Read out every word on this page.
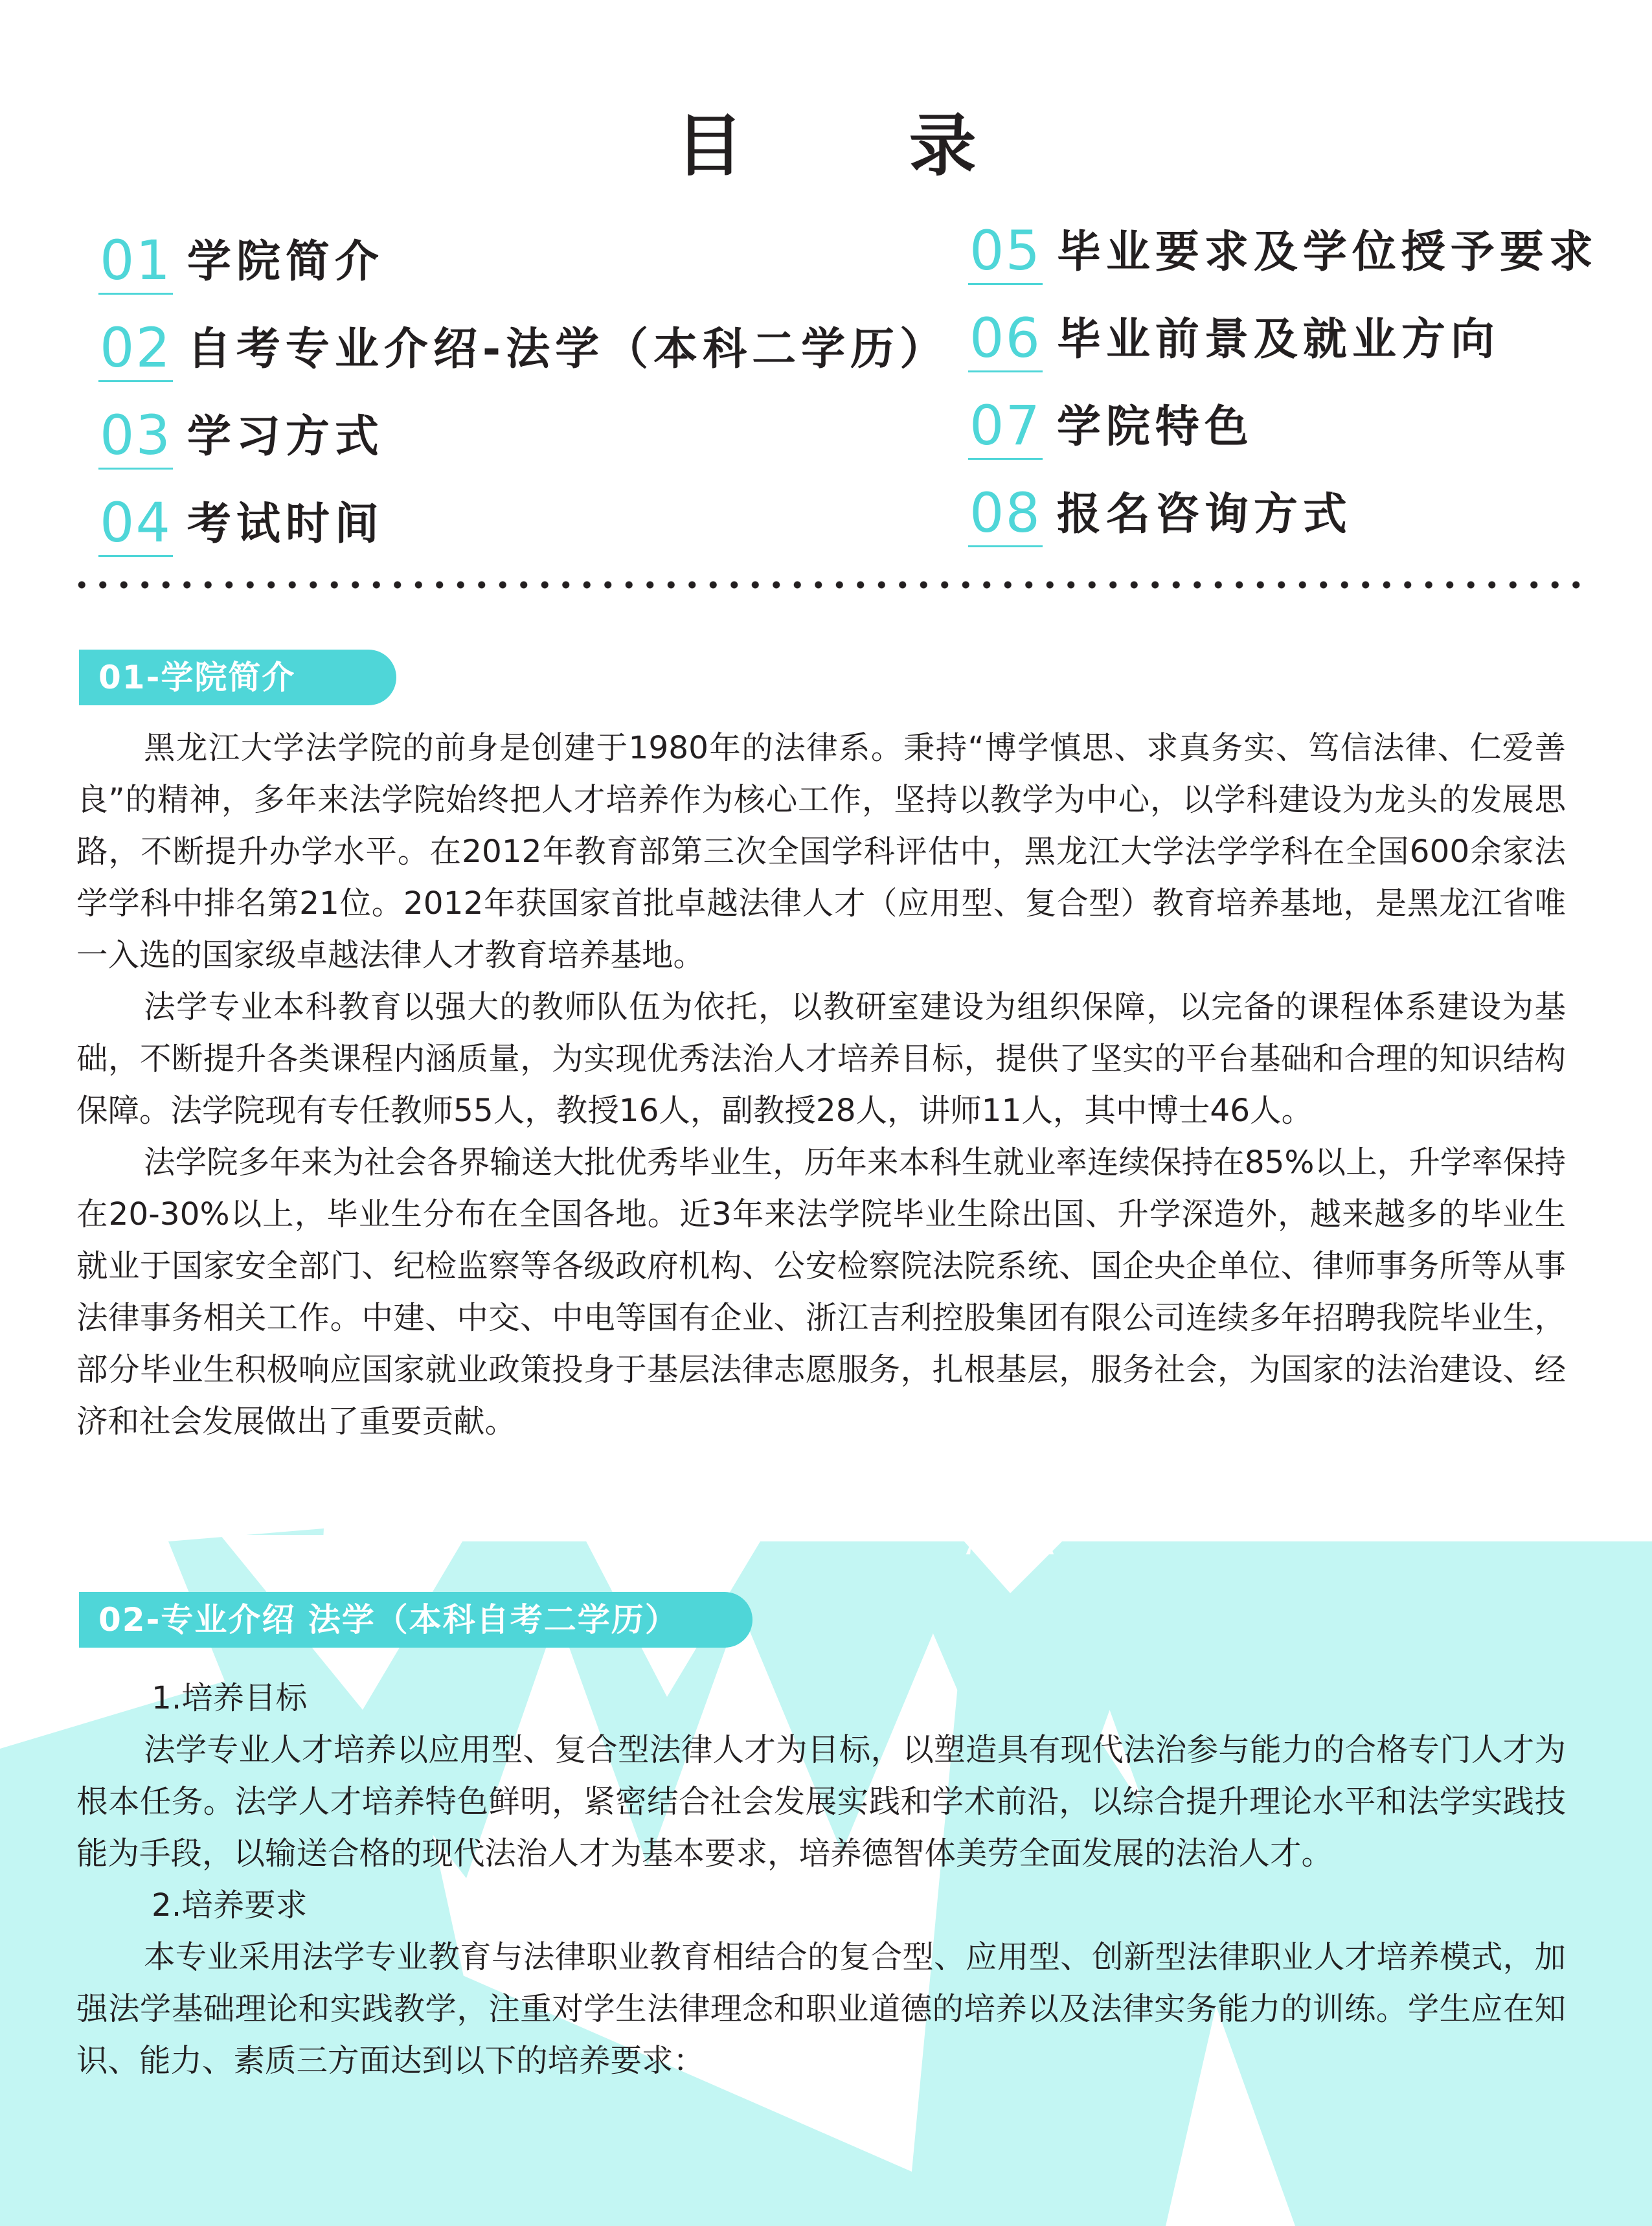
目 录
01 学院简介
02 自考专业介绍-法学（本科二学历）
03 学习方式
04 考试时间
05 毕业要求及学位授予要求
06 毕业前景及就业方向
07 学院特色
08 报名咨询方式
01-学院简介

黑龙江大学法学院的前身是创建于1980年的法律系。秉持“博学慎思、求真务实、笃信法律、仁爱善良”的精神，多年来法学院始终把人才培养作为核心工作，坚持以教学为中心，以学科建设为龙头的发展思路，不断提升办学水平。在2012年教育部第三次全国学科评估中，黑龙江大学法学学科在全国600余家法学学科中排名第21位。2012年获国家首批卓越法律人才（应用型、复合型）教育培养基地，是黑龙江省唯一入选的国家级卓越法律人才教育培养基地。

法学专业本科教育以强大的教师队伍为依托，以教研室建设为组织保障，以完备的课程体系建设为基础，不断提升各类课程内涵质量，为实现优秀法治人才培养目标，提供了坚实的平台基础和合理的知识结构保障。法学院现有专任教师55人，教授16人，副教授28人，讲师11人，其中博士46人。

法学院多年来为社会各界输送大批优秀毕业生，历年来本科生就业率连续保持在85%以上，升学率保持在20-30%以上，毕业生分布在全国各地。近3年来法学院毕业生除出国、升学深造外，越来越多的毕业生就业于国家安全部门、纪检监察等各级政府机构、公安检察院法院系统、国企央企单位、律师事务所等从事法律事务相关工作。中建、中交、中电等国有企业、浙江吉利控股集团有限公司连续多年招聘我院毕业生，部分毕业生积极响应国家就业政策投身于基层法律志愿服务，扎根基层，服务社会，为国家的法治建设、经济和社会发展做出了重要贡献。

02-专业介绍 法学（本科自考二学历）

1.培养目标

法学专业人才培养以应用型、复合型法律人才为目标，以塑造具有现代法治参与能力的合格专门人才为根本任务。法学人才培养特色鲜明，紧密结合社会发展实践和学术前沿，以综合提升理论水平和法学实践技能为手段，以输送合格的现代法治人才为基本要求，培养德智体美劳全面发展的法治人才。

2.培养要求

本专业采用法学专业教育与法律职业教育相结合的复合型、应用型、创新型法律职业人才培养模式，加强法学基础理论和实践教学，注重对学生法律理念和职业道德的培养以及法律实务能力的训练。学生应在知识、能力、素质三方面达到以下的培养要求：
